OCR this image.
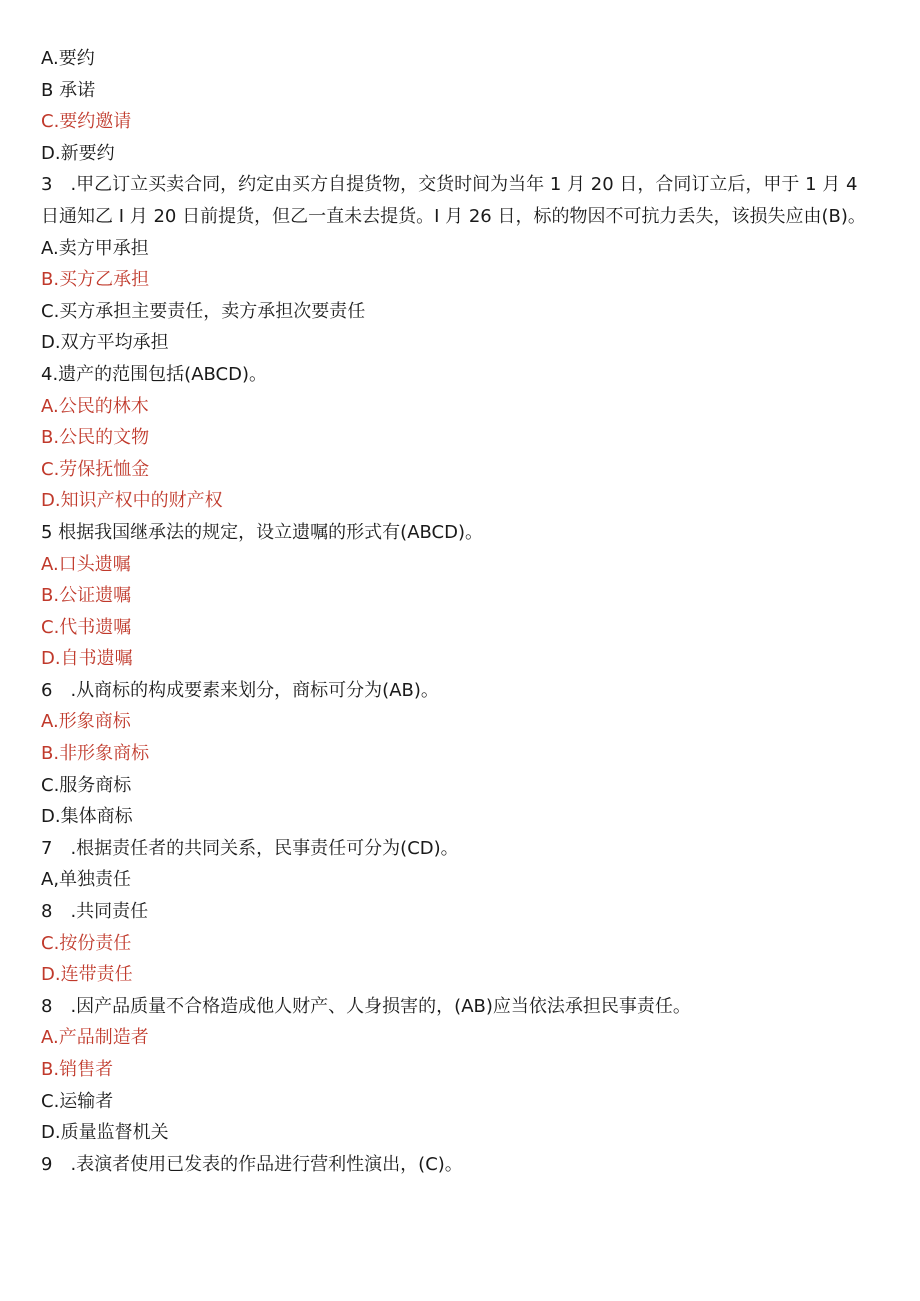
A.要约
B 承诺
C.要约邀请
D.新要约
3　.甲乙订立买卖合同，约定由买方自提货物，交货时间为当年 1 月 20 日，合同订立后，甲于 1 月 4
日通知乙 I 月 20 日前提货，但乙一直未去提货。I 月 26 日，标的物因不可抗力丢失，该损失应由(B)。
A.卖方甲承担
B.买方乙承担
C.买方承担主要责任，卖方承担次要责任
D.双方平均承担
4.遗产的范围包括(ABCD)。
A.公民的林木
B.公民的文物
C.劳保抚恤金
D.知识产权中的财产权
5 根据我国继承法的规定，设立遗嘱的形式有(ABCD)。
A.口头遗嘱
B.公证遗嘱
C.代书遗嘱
D.自书遗嘱
6　.从商标的构成要素来划分，商标可分为(AB)。
A.形象商标
B.非形象商标
C.服务商标
D.集体商标
7　.根据责任者的共同关系，民事责任可分为(CD)。
A,单独责任
8　.共同责任
C.按份责任
D.连带责任
8　.因产品质量不合格造成他人财产、人身损害的，(AB)应当依法承担民事责任。
A.产品制造者
B.销售者
C.运输者
D.质量监督机关
9　.表演者使用已发表的作品进行营利性演出，(C)。
